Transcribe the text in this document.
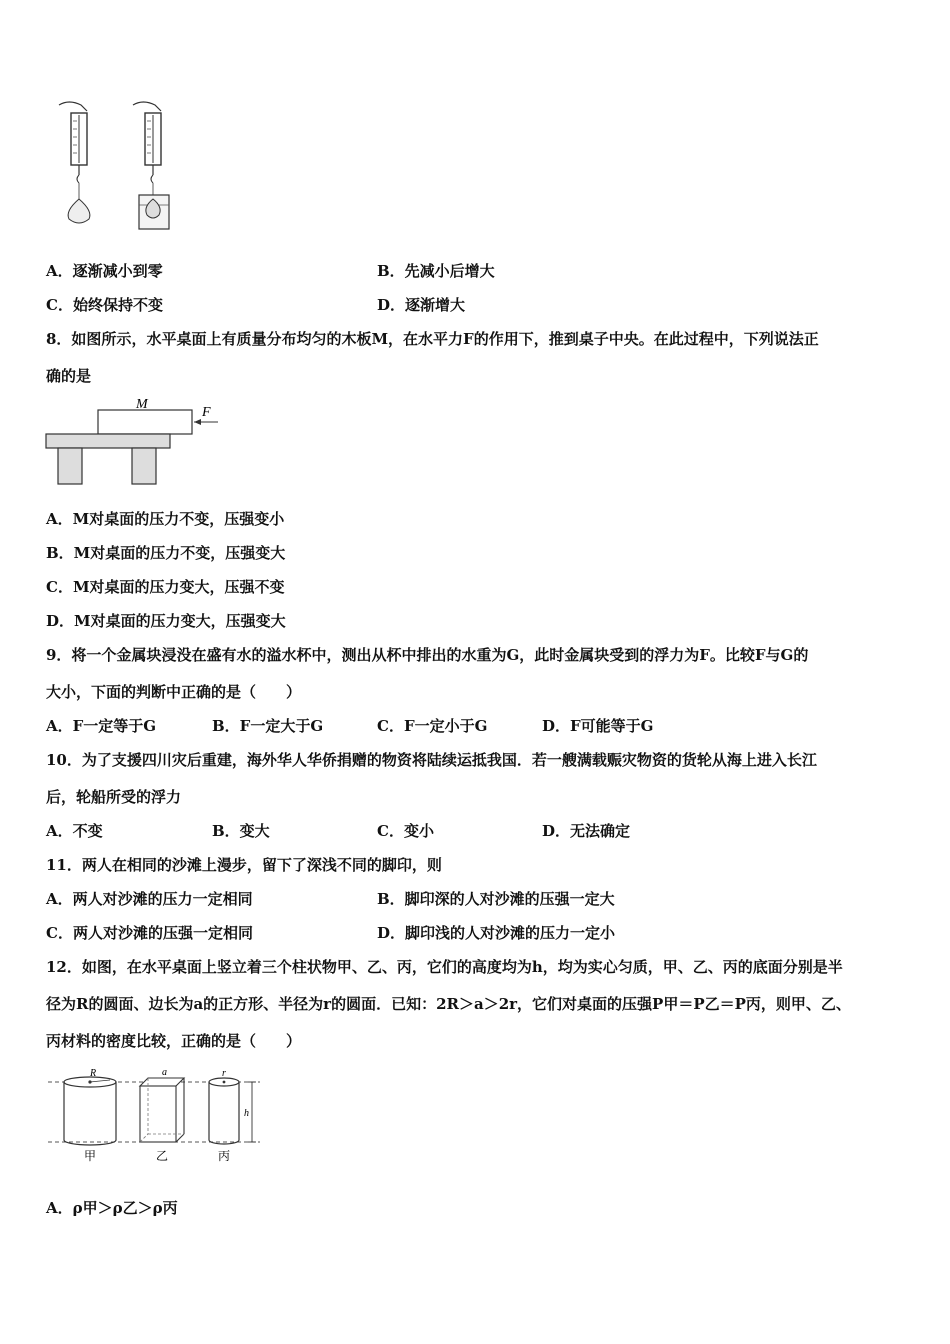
A．逐渐减小到零	B．先减小后增大
C．始终保持不变	D．逐渐增大
8．如图所示，水平桌面上有质量分布均匀的木板M，在水平力F的作用下，推到桌子中央。在此过程中，下列说法正
确的是
M
F
A．M对桌面的压力不变，压强变小
B．M对桌面的压力不变，压强变大
C．M对桌面的压力变大，压强不变
D．M对桌面的压力变大，压强变大
9．将一个金属块浸没在盛有水的溢水杯中，测出从杯中排出的水重为G，此时金属块受到的浮力为F。比较F与G的
大小，下面的判断中正确的是（　　）
A．F一定等于G	B．F一定大于G	C．F一定小于G	D．F可能等于G
10．为了支援四川灾后重建，海外华人华侨捐赠的物资将陆续运抵我国．若一艘满载赈灾物资的货轮从海上进入长江
后，轮船所受的浮力
A．不变	B．变大	C．变小	D．无法确定
11．两人在相同的沙滩上漫步，留下了深浅不同的脚印，则
A．两人对沙滩的压力一定相同	B．脚印深的人对沙滩的压强一定大
C．两人对沙滩的压强一定相同	D．脚印浅的人对沙滩的压力一定小
12．如图，在水平桌面上竖立着三个柱状物甲、乙、丙，它们的高度均为h，均为实心匀质，甲、乙、丙的底面分别是半
径为R的圆面、边长为a的正方形、半径为r的圆面．已知：2R＞a＞2r，它们对桌面的压强P甲＝P乙＝P丙，则甲、乙、
丙材料的密度比较，正确的是（　　）
R
甲
a
乙
r
丙
h
A．ρ甲＞ρ乙＞ρ丙
